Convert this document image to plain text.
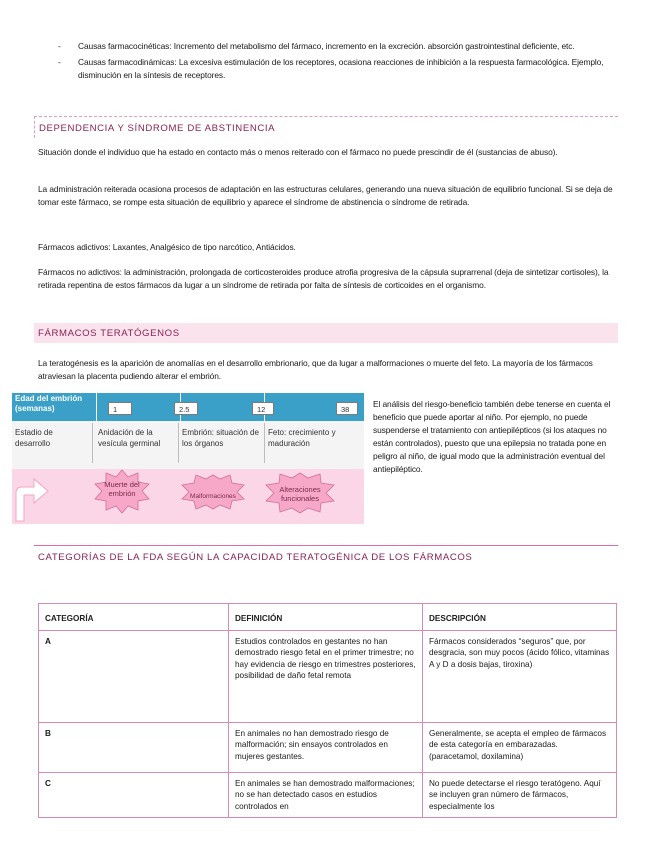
- Causas farmacocinéticas: Incremento del metabolismo del fármaco, incremento en la excreción. absorción gastrointestinal deficiente, etc.
- Causas farmacodinámicas: La excesiva estimulación de los receptores, ocasiona reacciones de inhibición a la respuesta farmacológica. Ejemplo, disminución en la síntesis de receptores.
DEPENDENCIA Y SÍNDROME DE ABSTINENCIA

Situación donde el individuo que ha estado en contacto más o menos reiterado con el fármaco no puede prescindir de él (sustancias de abuso).

La administración reiterada ocasiona procesos de adaptación en las estructuras celulares, generando una nueva situación de equilibrio funcional. Si se deja de tomar este fármaco, se rompe esta situación de equilibrio y aparece el síndrome de abstinencia o síndrome de retirada.

Fármacos adictivos: Laxantes, Analgésico de tipo narcótico, Antiácidos.

Fármacos no adictivos: la administración, prolongada de corticosteroides produce atrofia progresiva de la cápsula suprarrenal (deja de sintetizar cortisoles), la retirada repentina de estos fármacos da lugar a un síndrome de retirada por falta de síntesis de corticoides en el organismo.

FÁRMACOS TERATÓGENOS

La teratogénesis es la aparición de anomalías en el desarrollo embrionario, que da lugar a malformaciones o muerte del feto. La mayoría de los fármacos atraviesan la placenta pudiendo alterar el embrión.

Edad del embrión (semanas)	1	2.5	12	38
Estadio de desarrollo
Anidación de la vesícula germinal
Embrión: situación de los órganos
Feto: crecimiento y maduración
Muerte del embrión	Malformaciones
Alteraciones funcionales

El análisis del riesgo-beneficio también debe tenerse en cuenta el beneficio que puede aportar al niño. Por ejemplo, no puede suspenderse el tratamiento con antiepilépticos (si los ataques no están controlados), puesto que una epilepsia no tratada pone en peligro al niño, de igual modo que la administración eventual del antiepiléptico.

CATEGORÍAS DE LA FDA SEGÚN LA CAPACIDAD TERATOGÉNICA DE LOS FÁRMACOS
CATEGORÍA	DEFINICIÓN	DESCRIPCIÓN
A	Estudios controlados en gestantes no han demostrado riesgo fetal en el primer trimestre; no hay evidencia de riesgo en trimestres posteriores, posibilidad de daño fetal remota	Fármacos considerados “seguros” que, por desgracia, son muy pocos (ácido fólico, vitaminas A y D a dosis bajas, tiroxina)
B	En animales no han demostrado riesgo de malformación; sin ensayos controlados en mujeres gestantes.	Generalmente, se acepta el empleo de fármacos de esta categoría en embarazadas. (paracetamol, doxilamina)
C	En animales se han demostrado malformaciones; no se han detectado casos en estudios controlados en	No puede detectarse el riesgo teratógeno. Aquí se incluyen gran número de fármacos, especialmente los
